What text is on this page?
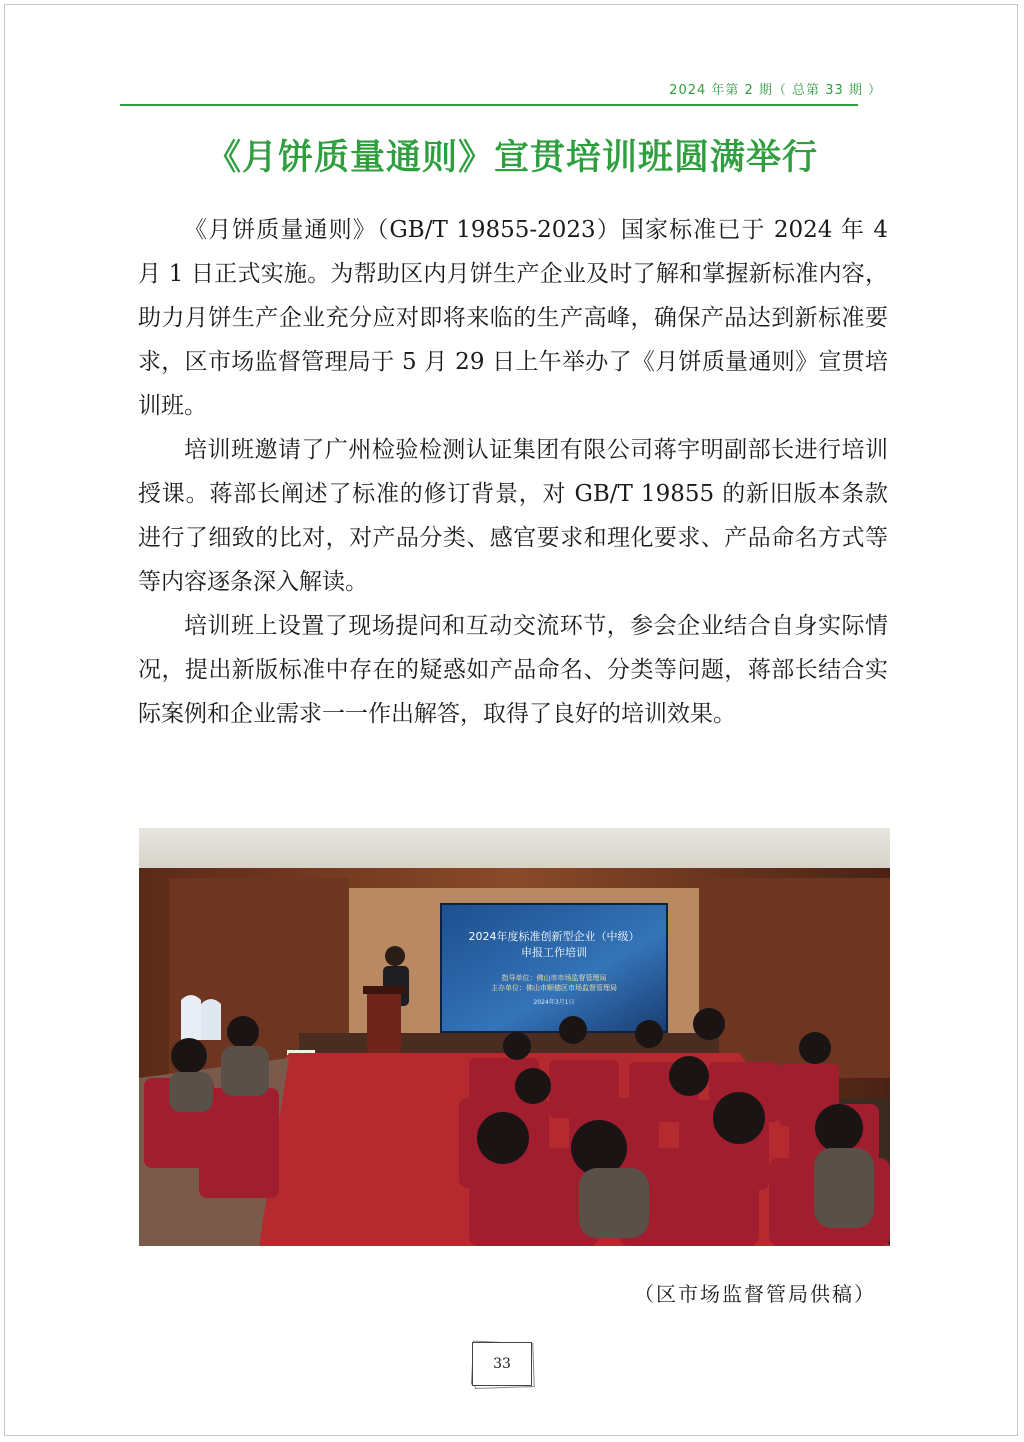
2024 年第 2 期（ 总第 33 期 ）
《月饼质量通则》宣贯培训班圆满举行

《月饼质量通则》（GB/T 19855-2023）国家标准已于 2024 年 4 月 1 日正式实施。为帮助区内月饼生产企业及时了解和掌握新标准内容，助力月饼生产企业充分应对即将来临的生产高峰，确保产品达到新标准要求，区市场监督管理局于 5 月 29 日上午举办了《月饼质量通则》宣贯培训班。

培训班邀请了广州检验检测认证集团有限公司蒋宇明副部长进行培训授课。蒋部长阐述了标准的修订背景，对 GB/T 19855 的新旧版本条款进行了细致的比对，对产品分类、感官要求和理化要求、产品命名方式等等内容逐条深入解读。

培训班上设置了现场提问和互动交流环节，参会企业结合自身实际情况，提出新版标准中存在的疑惑如产品命名、分类等问题，蒋部长结合实际案例和企业需求一一作出解答，取得了良好的培训效果。

2024年度标准创新型企业（中级）
申报工作培训
指导单位：佛山市市场监督管理局
主办单位：佛山市顺德区市场监督管理局
2024年3月1日
（区市场监督管局供稿）
33
